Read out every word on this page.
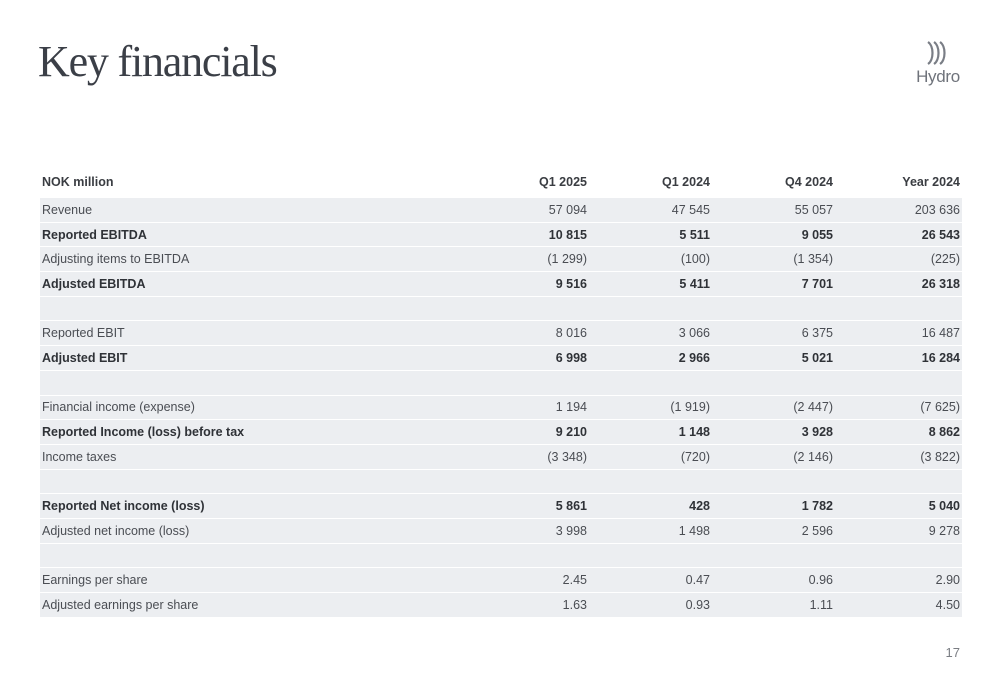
Key financials	Hydro
NOK million	Q1 2025	Q1 2024	Q4 2024	Year 2024
Revenue	57 094	47 545	55 057	203 636
Reported EBITDA	10 815	5 511	9 055	26 543
Adjusting items to EBITDA	(1 299)	(100)	(1 354)	(225)
Adjusted EBITDA	9 516	5 411	7 701	26 318

Reported EBIT	8 016	3 066	6 375	16 487
Adjusted EBIT	6 998	2 966	5 021	16 284

Financial income (expense)	1 194	(1 919)	(2 447)	(7 625)
Reported Income (loss) before tax	9 210	1 148	3 928	8 862
Income taxes	(3 348)	(720)	(2 146)	(3 822)

Reported Net income (loss)	5 861	428	1 782	5 040
Adjusted net income (loss)	3 998	1 498	2 596	9 278

Earnings per share	2.45	0.47	0.96	2.90
Adjusted earnings per share	1.63	0.93	1.11	4.50
17
